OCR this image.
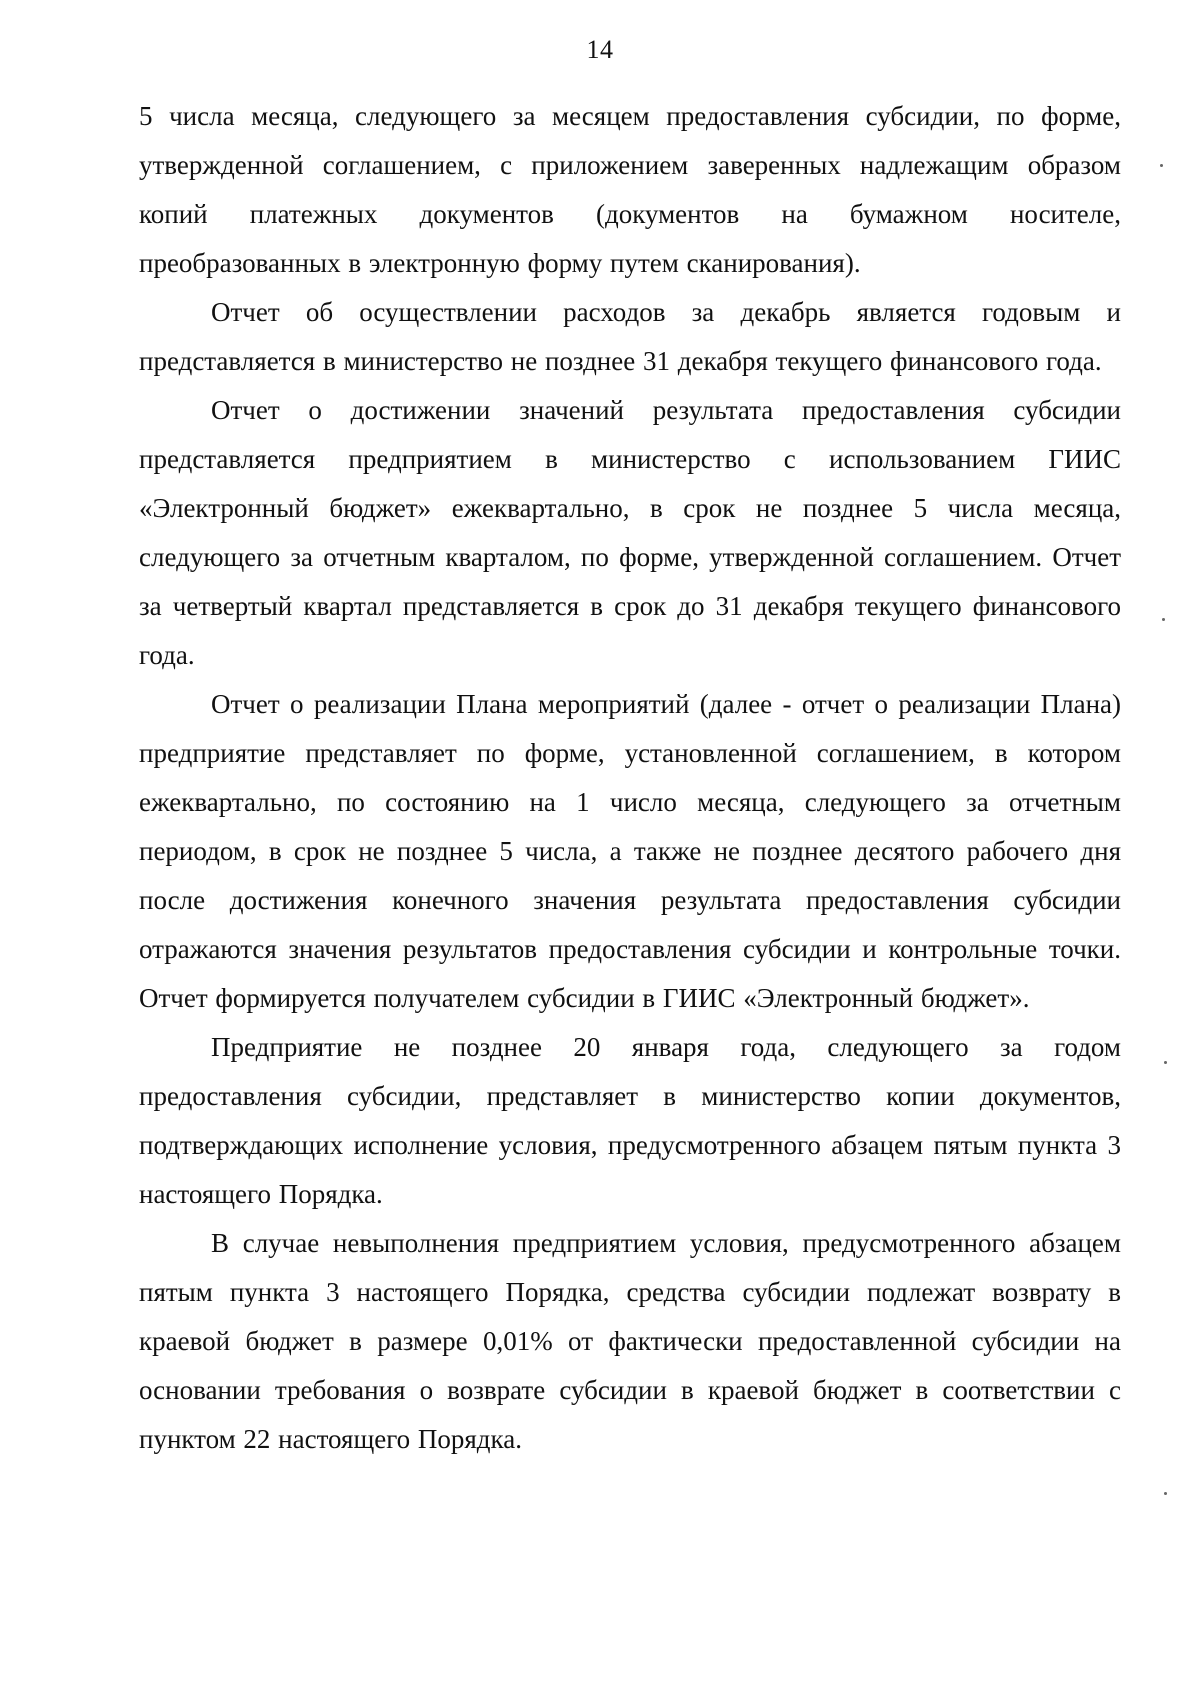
14

5 числа месяца, следующего за месяцем предоставления субсидии, по форме, утвержденной соглашением, с приложением заверенных надлежащим образом копий платежных документов (документов на бумажном носителе, преобразованных в электронную форму путем сканирования).

Отчет об осуществлении расходов за декабрь является годовым и представляется в министерство не позднее 31 декабря текущего финансового года.

Отчет о достижении значений результата предоставления субсидии представляется предприятием в министерство с использованием ГИИС «Электронный бюджет» ежеквартально, в срок не позднее 5 числа месяца, следующего за отчетным кварталом, по форме, утвержденной соглашением. Отчет за четвертый квартал представляется в срок до 31 декабря текущего финансового года.

Отчет о реализации Плана мероприятий (далее - отчет о реализации Плана) предприятие представляет по форме, установленной соглашением, в котором ежеквартально, по состоянию на 1 число месяца, следующего за отчетным периодом, в срок не позднее 5 числа, а также не позднее десятого рабочего дня после достижения конечного значения результата предоставления субсидии отражаются значения результатов предоставления субсидии и контрольные точки. Отчет формируется получателем субсидии в ГИИС «Электронный бюджет».

Предприятие не позднее 20 января года, следующего за годом предоставления субсидии, представляет в министерство копии документов, подтверждающих исполнение условия, предусмотренного абзацем пятым пункта 3 настоящего Порядка.

В случае невыполнения предприятием условия, предусмотренного абзацем пятым пункта 3 настоящего Порядка, средства субсидии подлежат возврату в краевой бюджет в размере 0,01% от фактически предоставленной субсидии на основании требования о возврате субсидии в краевой бюджет в соответствии с пунктом 22 настоящего Порядка.
